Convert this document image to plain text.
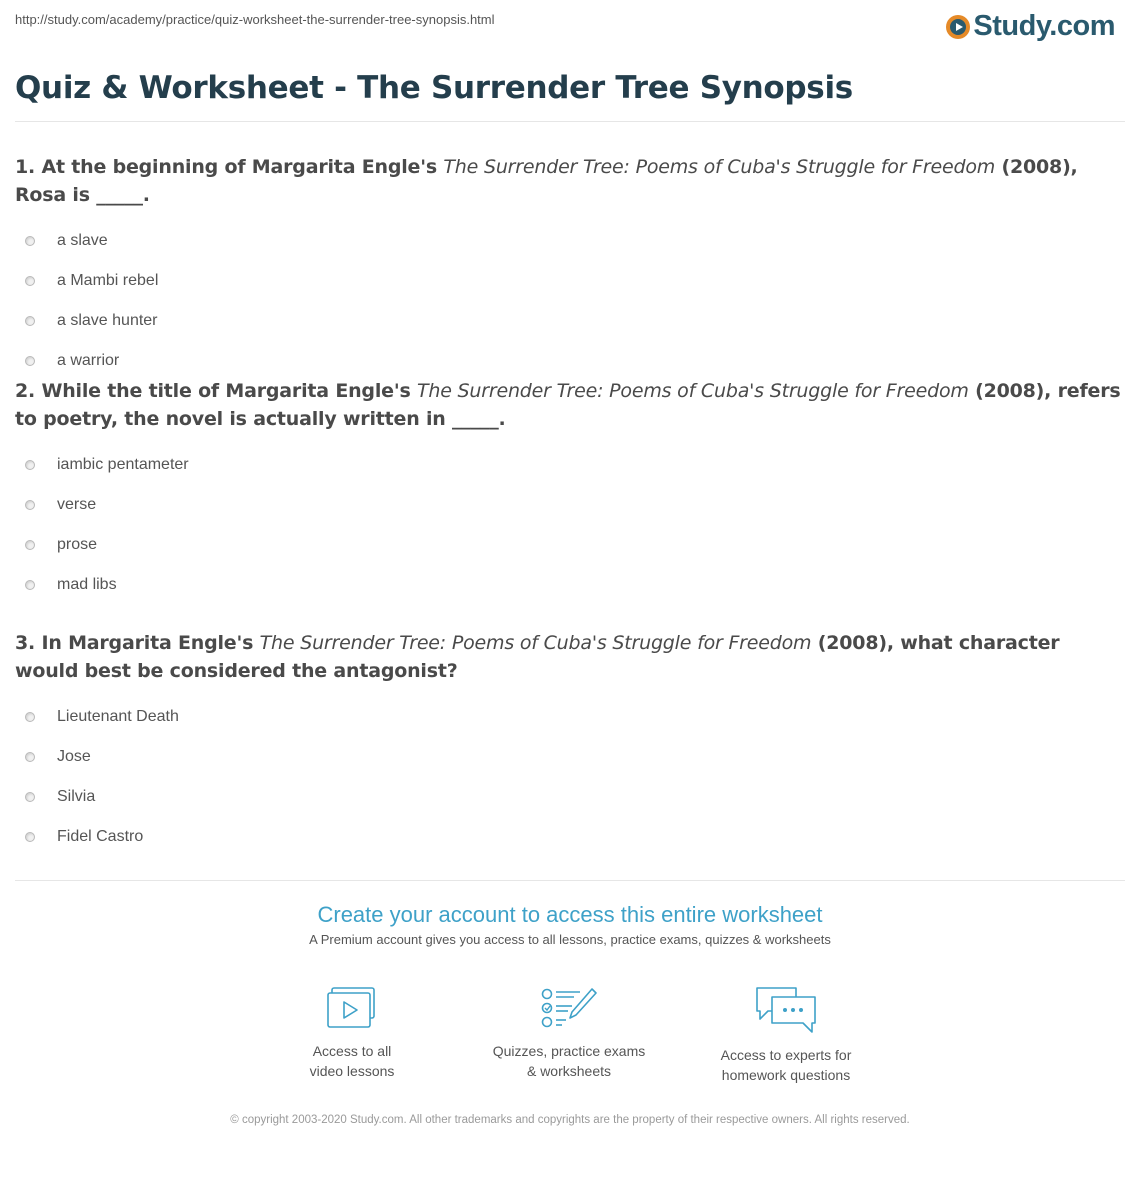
http://study.com/academy/practice/quiz-worksheet-the-surrender-tree-synopsis.html	Study.com
Quiz & Worksheet - The Surrender Tree Synopsis

1. At the beginning of Margarita Engle's The Surrender Tree: Poems of Cuba's Struggle for Freedom (2008), Rosa is _____.

a slave
a Mambi rebel
a slave hunter
a warrior

2. While the title of Margarita Engle's The Surrender Tree: Poems of Cuba's Struggle for Freedom (2008), refers to poetry, the novel is actually written in _____.

iambic pentameter
verse
prose
mad libs

3. In Margarita Engle's The Surrender Tree: Poems of Cuba's Struggle for Freedom (2008), what character would best be considered the antagonist?

Lieutenant Death
Jose
Silvia
Fidel Castro
Create your account to access this entire worksheet
A Premium account gives you access to all lessons, practice exams, quizzes & worksheets
Access to all
video lessons
Quizzes, practice exams
& worksheets
Access to experts for
homework questions
© copyright 2003-2020 Study.com. All other trademarks and copyrights are the property of their respective owners. All rights reserved.
